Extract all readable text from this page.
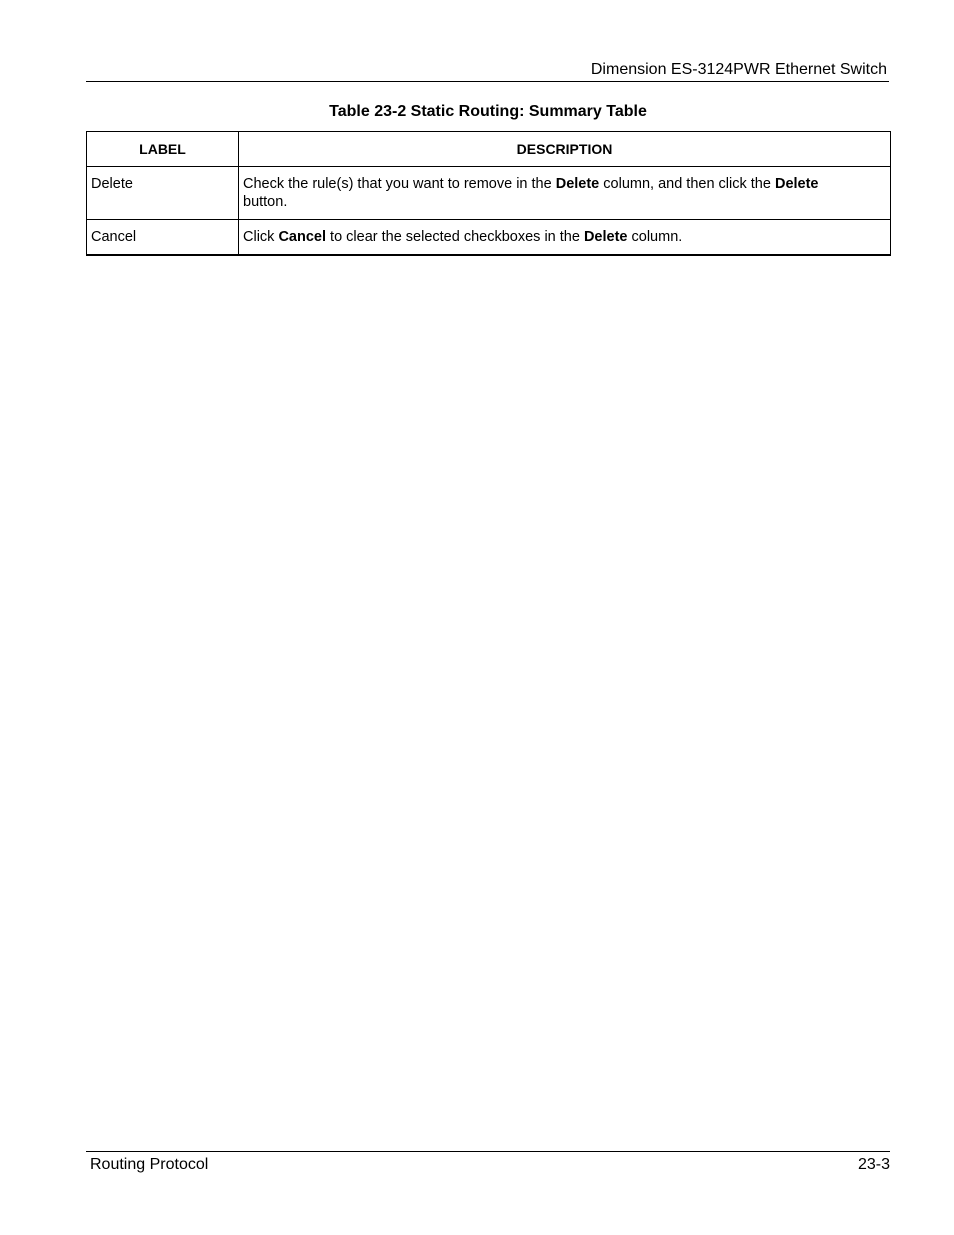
Dimension ES-3124PWR Ethernet Switch
Table 23-2 Static Routing: Summary Table
LABEL	DESCRIPTION
Delete	Check the rule(s) that you want to remove in the Delete column, and then click the Delete
button.
Cancel	Click Cancel to clear the selected checkboxes in the Delete column.
Routing Protocol	23-3
